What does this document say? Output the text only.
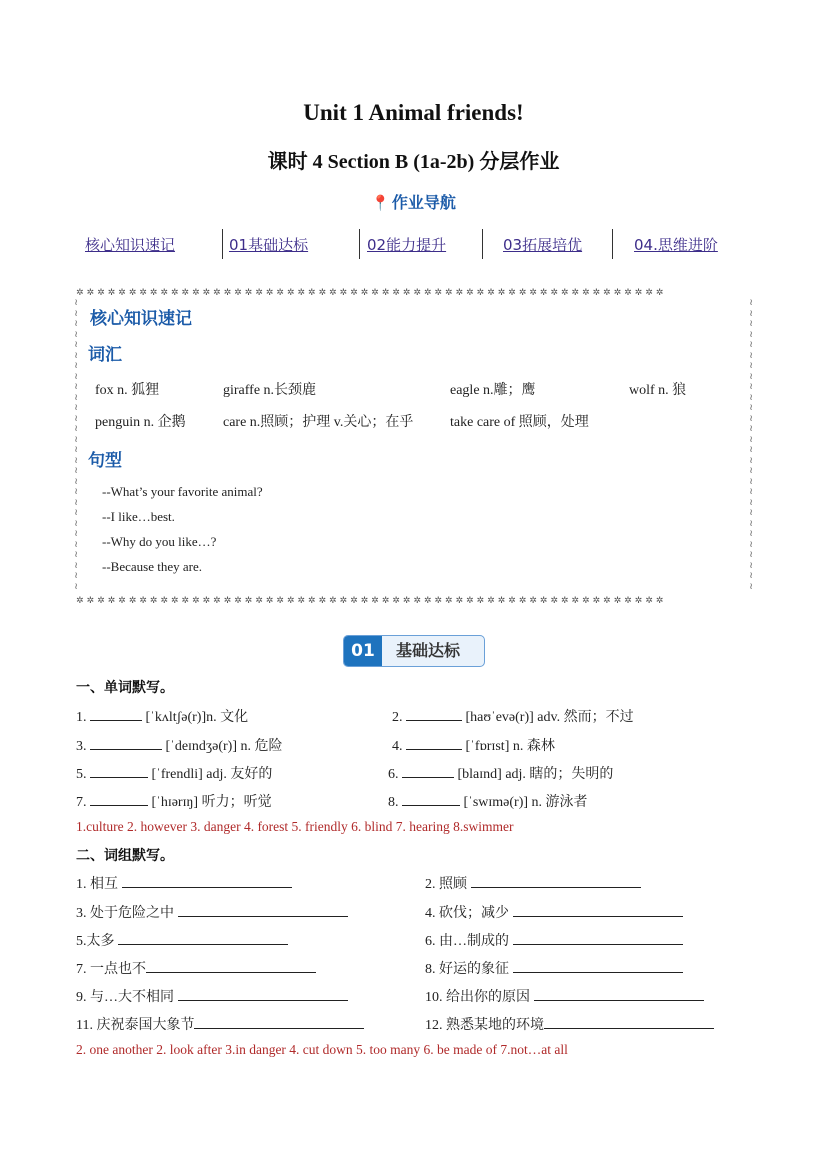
Unit 1 Animal friends!
课时 4 Section B (1a-2b) 分层作业
📍 作业导航
核心知识速记	01基础达标	02能力提升	03拓展培优	04.思维进阶
✲✲✲✲✲✲✲✲✲✲✲✲✲✲✲✲✲✲✲✲✲✲✲✲✲✲✲✲✲✲✲✲✲✲✲✲✲✲✲✲✲✲✲✲✲✲✲✲✲✲✲✲✲✲✲✲
✲✲✲✲✲✲✲✲✲✲✲✲✲✲✲✲✲✲✲✲✲✲✲✲✲✲✲✲✲✲✲✲✲✲✲✲✲✲✲✲✲✲✲✲✲✲✲✲✲✲✲✲✲✲✲✲
≀
≀
≀
≀
≀
≀
≀
≀
≀
≀
≀
≀
≀
≀
≀
≀
≀
≀
≀
≀
≀
≀
≀
≀
≀
≀
≀
≀
≀
≀
≀
≀
≀
≀
≀
≀
≀
≀
≀
≀
≀
≀
≀
≀
≀
≀
≀
≀
≀
≀
≀
≀
≀
≀
≀
≀
核心知识速记
词汇
fox n. 狐狸	giraffe n.长颈鹿	eagle n.雕；鹰	wolf n. 狼
penguin n. 企鹅	care n.照顾；护理 v.关心；在乎	take care of 照顾，处理
句型
--What’s your favorite animal?
--I like…best.
--Why do you like…?
--Because they are.
01	基础达标
一、单词默写。
1.	[ˈkʌltʃə(r)]n. 文化	2.	[haʊˈevə(r)] adv. 然而；不过
3.	[ˈdeɪndʒə(r)] n. 危险	4.	[ˈfɒrɪst] n. 森林
5.	[ˈfrendli] adj. 友好的	6.	[blaɪnd] adj. 瞎的；失明的
7.	[ˈhɪərɪŋ] 听力；听觉	8.	[ˈswɪmə(r)] n. 游泳者
1.culture 2. however 3. danger 4. forest 5. friendly 6. blind 7. hearing 8.swimmer
二、词组默写。
1. 相互	2. 照顾
3. 处于危险之中	4. 砍伐；减少
5.太多	6. 由…制成的
7. 一点也不	8. 好运的象征
9. 与…大不相同	10. 给出你的原因
11. 庆祝泰国大象节	12. 熟悉某地的环境
2. one another 2. look after 3.in danger 4. cut down 5. too many 6. be made of 7.not…at all
